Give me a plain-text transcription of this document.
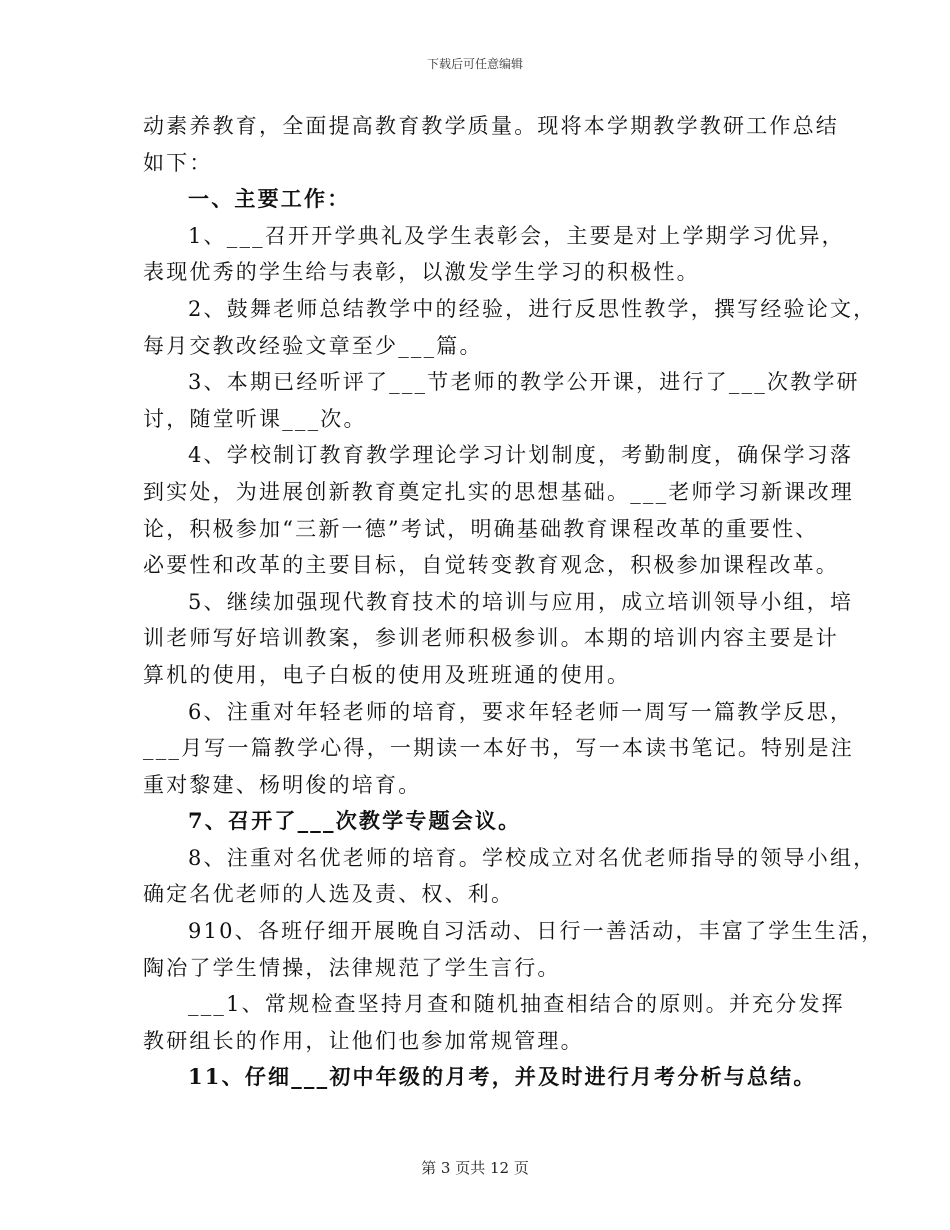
下载后可任意编辑
动素养教育，全面提高教育教学质量。现将本学期教学教研工作总结
如下：
一、主要工作：
1、___召开开学典礼及学生表彰会，主要是对上学期学习优异，
表现优秀的学生给与表彰，以激发学生学习的积极性。
2、鼓舞老师总结教学中的经验，进行反思性教学，撰写经验论文，
每月交教改经验文章至少___篇。
3、本期已经听评了___节老师的教学公开课，进行了___次教学研
讨，随堂听课___次。
4、学校制订教育教学理论学习计划制度，考勤制度，确保学习落
到实处，为进展创新教育奠定扎实的思想基础。___老师学习新课改理
论，积极参加“三新一德”考试，明确基础教育课程改革的重要性、
必要性和改革的主要目标，自觉转变教育观念，积极参加课程改革。
5、继续加强现代教育技术的培训与应用，成立培训领导小组，培
训老师写好培训教案，参训老师积极参训。本期的培训内容主要是计
算机的使用，电子白板的使用及班班通的使用。
6、注重对年轻老师的培育，要求年轻老师一周写一篇教学反思，
___月写一篇教学心得，一期读一本好书，写一本读书笔记。特别是注
重对黎建、杨明俊的培育。
7、召开了___次教学专题会议。
8、注重对名优老师的培育。学校成立对名优老师指导的领导小组，
确定名优老师的人选及责、权、利。
910、各班仔细开展晚自习活动、日行一善活动，丰富了学生生活，
陶冶了学生情操，法律规范了学生言行。
___1、常规检查坚持月查和随机抽查相结合的原则。并充分发挥
教研组长的作用，让他们也参加常规管理。
11、仔细___初中年级的月考，并及时进行月考分析与总结。
第 3 页共 12 页
